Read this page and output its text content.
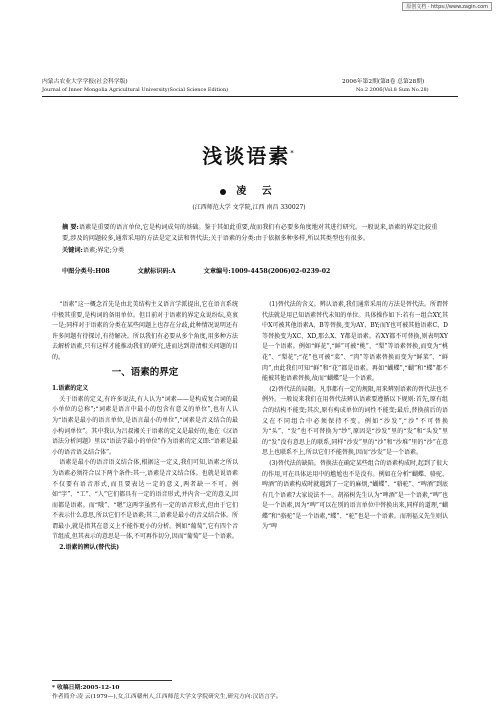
原创文档 · https://www.zagin.com
内蒙古农业大学学报(社会科学版)
Journal of Inner Mongolia Agricultural University(Social Science Edition)
2006年第2期(第8卷 总第28期)
No.2 2006(Vol.8 Sum No.28)
浅谈语素*
凌 云
(江西师范大学 文学院,江西 南昌 330027)
摘 要:语素是重要的语言单位,它是构词成句的基础。鉴于其如此重要,故而我们有必要多角度地对其进行研究。一般说来,语素的界定比较重要,涉及的问题较多,通常采用的方法是定义法和替代法;关于语素的分类:由于依据多种多样,所以其类型也有很多。
关键词:语素;界定;分类
中图分类号:H08	文献标识码:A	文章编号:1009-4458(2006)02-0239-02

“语素”这一概念首先是由北美结构主义语言学派提出,它在语言系统中极其重要,是构词的备用单位。但目前对于语素的界定众说纷纭,莫衷一是;同样对于语素的分类在某些问题上也存在分歧,此种情况说明还有许多问题有待探讨,有待解决。所以我们有必要从多个角度,用多种方法去解析语素,只有这样才能推动我们的研究,进而达到澄清相关问题的目的。

一、语素的界定
1.语素的定义

关于语素的定义,有许多说法,有人认为“词素——是构成复合词的最小单位的总称”;“词素是语言中最小的包含有意义的单位”,也有人认为“语素是最小的语言单位,是语言最小的单位”,“词素是音义结合的最小构词单位”。其中我认为吕叔湘关于语素的定义是最好的,他在《汉语语法分析问题》里以“语法学最小的单位”作为语素的定义即:“语素是最小的语音语义结合体”。

语素是最小的语音语义结合体,根据这一定义,我们可知,语素之所以为语素必须符合以下两个条件:其一,语素是音义结合体。也就是说语素不仅要有语音形式,而且要表达一定的意义,两者缺一不可。例如“字”、“工”、“人”它们都具有一定的语音形式,并内含一定的意义,因而都是语素。而“哦”、“嗯”这两字虽然有一定的语音形式,但由于它们不表示什么意思,所以它们不是语素;其二,语素是最小的音义结合体。所谓最小,就是指其在意义上不能作更小的分析。例如“葡萄”,它有四个音节组成,但其表示的意思是一体,不可再作切分,因而“葡萄”是一个语素。

2.语素的辨认(替代法)

(1)替代法的含义。辨认语素,我们通常采用的方法是替代法。所谓替代法就是用已知语素替代未知的单位。具体操作如下:若有一组合XY,其中X可被其他语素A、B等替换,变为AY、BY;而Y也可被其他语素C、D等替换变为XC、XD,那么X、Y都是语素。若XY都不可替换,则表明XY是一个语素。例如“鲜花”,“鲜”可被“桃”、“梨”等语素替换,而变为“桃花”、“梨花”;“花”也可被“菜”、“肉”等语素替换而变为“鲜菜”、“鲜肉”,由此我们可知“鲜”和“花”都是语素。再如“蝴蝶”,“蝴”和“蝶”都不能被其他语素替换,故而“蝴蝶”是一个语素。

(2)替代法的局限。凡事都有一定的规限,用来辨别语素的替代法也不例外。一般说来我们在用替代法辨认语素要遵循以下规则:首先,原有组合的结构不能变;其次,原有构成单位的词性不能变;最后,替换前后的语义在不同组合中必须保持不变。例如“沙发”,“沙”不可替换为“头”、“发”也不可替换为“纱”,原因是“沙发”里的“发”和“头发”里的“发”没有意思上的联系,同样“沙发”里的“沙”和“沙堆”里的“沙”在意思上也联系不上,所以它们不能替换,因而“沙发”是一个语素。

(3)替代法的缺陷。替换法在确定某些组合的语素构成时,起到了很大的作用,可在具体运用中的尴尬也不是没有。例如在分析“蝴蝶、骆驼、啤酒”的语素构成时就遇到了一定的麻烦,“蝴蝶”、“骆驼”、“啤酒”到底有几个语素?大家说法不一。胡裕树先生认为“啤酒”是一个语素,“啤”也是一个语素,因为“啤”可以在别的语言单位中替换出来,同样的道理,“蝴蝶”和“骆驼”是一个语素,“蝶”、“驼”也是一个语素。而刑福义先生则认为“啤

* 收稿日期:2005-12-10
作者简介:凌 云(1979—),女,江西赣州人,江西师范大学文学院研究生,研究方向:汉语言学。
